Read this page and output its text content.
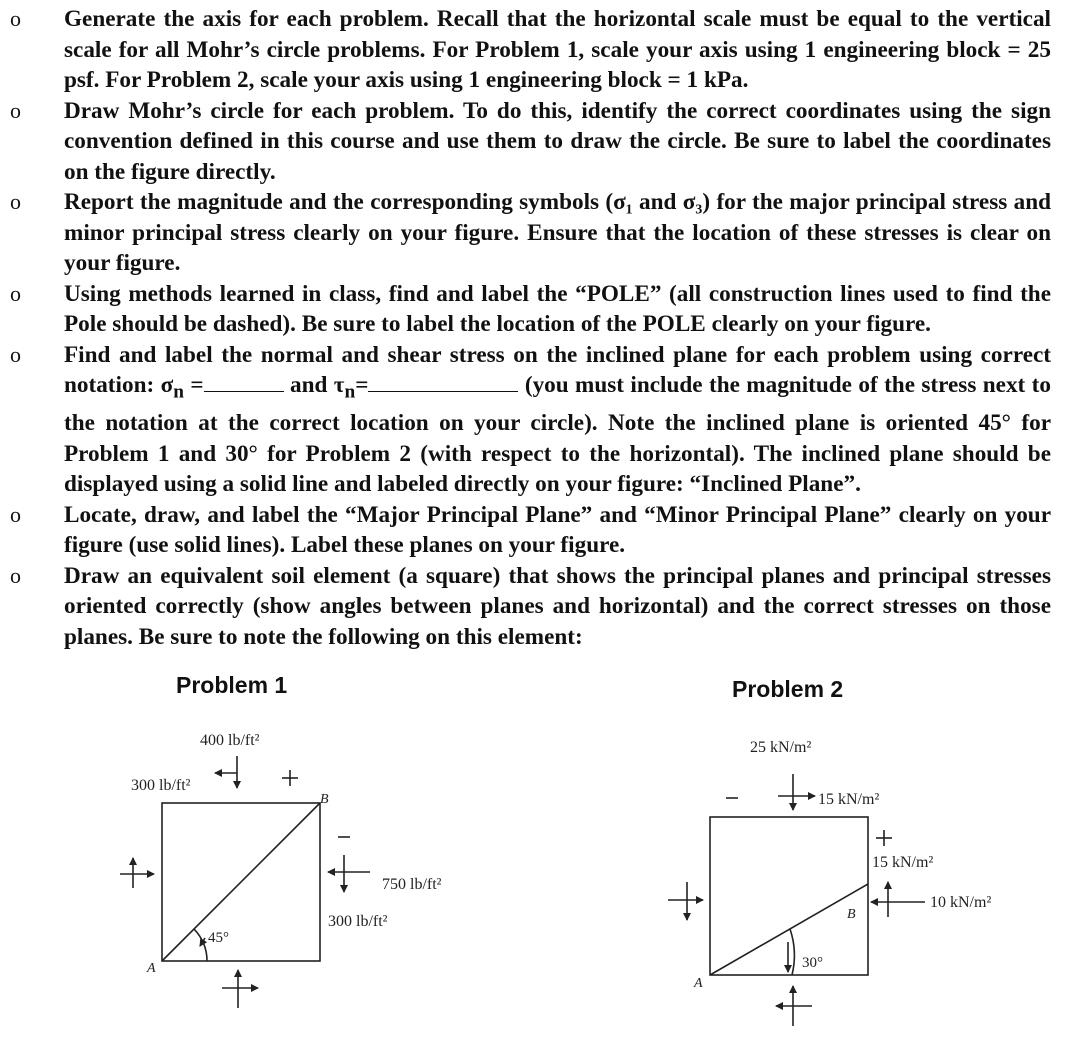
o Generate the axis for each problem. Recall that the horizontal scale must be equal to the vertical scale for all Mohr’s circle problems. For Problem 1, scale your axis using 1 engineering block = 25 psf. For Problem 2, scale your axis using 1 engineering block = 1 kPa.
o Draw Mohr’s circle for each problem. To do this, identify the correct coordinates using the sign convention defined in this course and use them to draw the circle. Be sure to label the coordinates on the figure directly.
o Report the magnitude and the corresponding symbols (σ₁ and σ₃) for the major principal stress and minor principal stress clearly on your figure. Ensure that the location of these stresses is clear on your figure.
o Using methods learned in class, find and label the “POLE” (all construction lines used to find the Pole should be dashed). Be sure to label the location of the POLE clearly on your figure.
o Find and label the normal and shear stress on the inclined plane for each problem using correct notation: $\sigma_n$ =	and $\tau_n=$	(you must include the magnitude of the stress next to the notation at the correct location on your circle). Note the inclined plane is oriented 45° for Problem 1 and 30° for Problem 2 (with respect to the horizontal). The inclined plane should be displayed using a solid line and labeled directly on your figure: “Inclined Plane”.
o Locate, draw, and label the “Major Principal Plane” and “Minor Principal Plane” clearly on your figure (use solid lines). Label these planes on your figure.
o Draw an equivalent soil element (a square) that shows the principal planes and principal stresses oriented correctly (show angles between planes and horizontal) and the correct stresses on those planes. Be sure to note the following on this element:
Problem 1	Problem 2
400 lb/ft²
300 lb/ft²
B
A
750 lb/ft²
300 lb/ft²
45°
25 kN/m²
15 kN/m²
15 kN/m²
10 kN/m²
B
A
30°
